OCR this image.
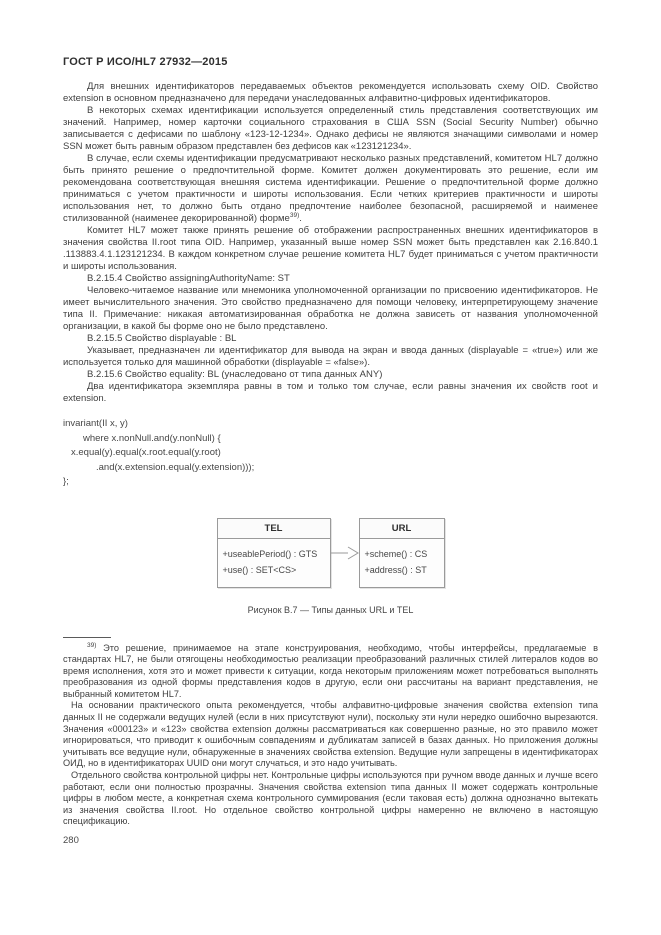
ГОСТ Р ИСО/HL7 27932—2015

Для внешних идентификаторов передаваемых объектов рекомендуется использовать схему OID. Свойство extension в основном предназначено для передачи унаследованных алфавитно-цифровых идентификаторов.

В некоторых схемах идентификации используется определенный стиль представления соответствующих им значений. Например, номер карточки социального страхования в США SSN (Social Security Number) обычно записывается с дефисами по шаблону «123-12-1234». Однако дефисы не являются значащими символами и номер SSN может быть равным образом представлен без дефисов как «123121234».

В случае, если схемы идентификации предусматривают несколько разных представлений, комитетом HL7 должно быть принято решение о предпочтительной форме. Комитет должен документировать это решение, если им рекомендована соответствующая внешняя система идентификации. Решение о предпочтительной форме должно приниматься с учетом практичности и широты использования. Если четких критериев практичности и широты использования нет, то должно быть отдано предпочтение наиболее безопасной, расширяемой и наименее стилизованной (наименее декорированной) форме$^{39)}$.

Комитет HL7 может также принять решение об отображении распространенных внешних идентификаторов в значения свойства II.root типа OID. Например, указанный выше номер SSN может быть представлен как 2.16.840.1 .113883.4.1.123121234. В каждом конкретном случае решение комитета HL7 будет приниматься с учетом практичности и широты использования.

B.2.15.4 Свойство assigningAuthorityName: ST

Человеко-читаемое название или мнемоника уполномоченной организации по присвоению идентификаторов. Не имеет вычислительного значения. Это свойство предназначено для помощи человеку, интерпретирующему значение типа II. Примечание: никакая автоматизированная обработка не должна зависеть от названия уполномоченной организации, в какой бы форме оно не было представлено.

B.2.15.5 Свойство displayable : BL

Указывает, предназначен ли идентификатор для вывода на экран и ввода данных (displayable = «true») или же используется только для машинной обработки (displayable = «false»).

B.2.15.6 Свойство equality: BL (унаследовано от типа данных ANY)

Два идентификатора экземпляра равны в том и только том случае, если равны значения их свойств root и extension.

invariant(II x, y)
where x.nonNull.and(y.nonNull) {
x.equal(y).equal(x.root.equal(y.root)
.and(x.extension.equal(y.extension)));
};
TEL
+useablePeriod() : GTS
+use() : SET<CS>
URL
+scheme() : CS
+address() : ST
Рисунок В.7 — Типы данных URL и TEL

$^{39)}$ Это решение, принимаемое на этапе конструирования, необходимо, чтобы интерфейсы, предлагаемые в стандартах HL7, не были отягощены необходимостью реализации преобразований различных стилей литералов кодов во время исполнения, хотя это и может привести к ситуации, когда некоторым приложениям может потребоваться выполнять преобразования из одной формы представления кодов в другую, если они рассчитаны на вариант представления, не выбранный комитетом HL7.

На основании практического опыта рекомендуется, чтобы алфавитно-цифровые значения свойства extension типа данных II не содержали ведущих нулей (если в них присутствуют нули), поскольку эти нули нередко ошибочно вырезаются. Значения «000123» и «123» свойства extension должны рассматриваться как совершенно разные, но это правило может игнорироваться, что приводит к ошибочным совпадениям и дубликатам записей в базах данных. Но приложения должны учитывать все ведущие нули, обнаруженные в значениях свойства extension. Ведущие нули запрещены в идентификаторах ОИД, но в идентификаторах UUID они могут случаться, и это надо учитывать.

Отдельного свойства контрольной цифры нет. Контрольные цифры используются при ручном вводе данных и лучше всего работают, если они полностью прозрачны. Значения свойства extension типа данных II может содержать контрольные цифры в любом месте, а конкретная схема контрольного суммирования (если таковая есть) должна однозначно вытекать из значения свойства II.root. Но отдельное свойство контрольной цифры намеренно не включено в настоящую спецификацию.

280
